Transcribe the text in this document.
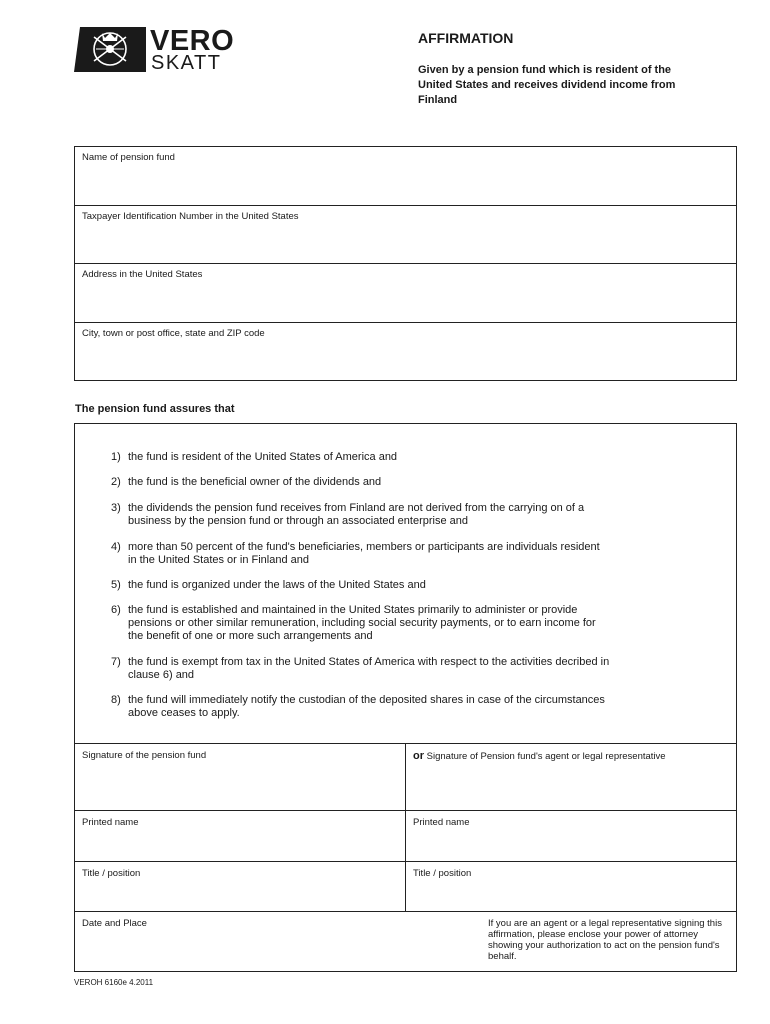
VERO
SKATT
AFFIRMATION
Given by a pension fund which is resident of the United States and receives dividend income from Finland
Name of pension fund
Taxpayer Identification Number in the United States
Address in the United States
City, town or post office, state and ZIP code
The pension fund assures that
1) the fund is resident of the United States of America and
2) the fund is the beneficial owner of the dividends and
3) the dividends the pension fund receives from Finland are not derived from the carrying on of a business by the pension fund or through an associated enterprise and
4) more than 50 percent of the fund's beneficiaries, members or participants are individuals resident in the United States or in Finland and
5) the fund is organized under the laws of the United States and
6) the fund is established and maintained in the United States primarily to administer or provide pensions or other similar remuneration, including social security payments, or to earn income for the benefit of one or more such arrangements and
7) the fund is exempt from tax in the United States of America with respect to the activities decribed in clause 6) and
8) the fund will immediately notify the custodian of the deposited shares in case of the circumstances above ceases to apply.
Signature of the pension fund	or Signature of Pension fund's agent or legal representative
Printed name	Printed name
Title / position	Title / position
Date and Place	If you are an agent or a legal representative signing this affirmation, please enclose your power of attorney showing your authorization to act on the pension fund's behalf.
VEROH 6160e 4.2011
